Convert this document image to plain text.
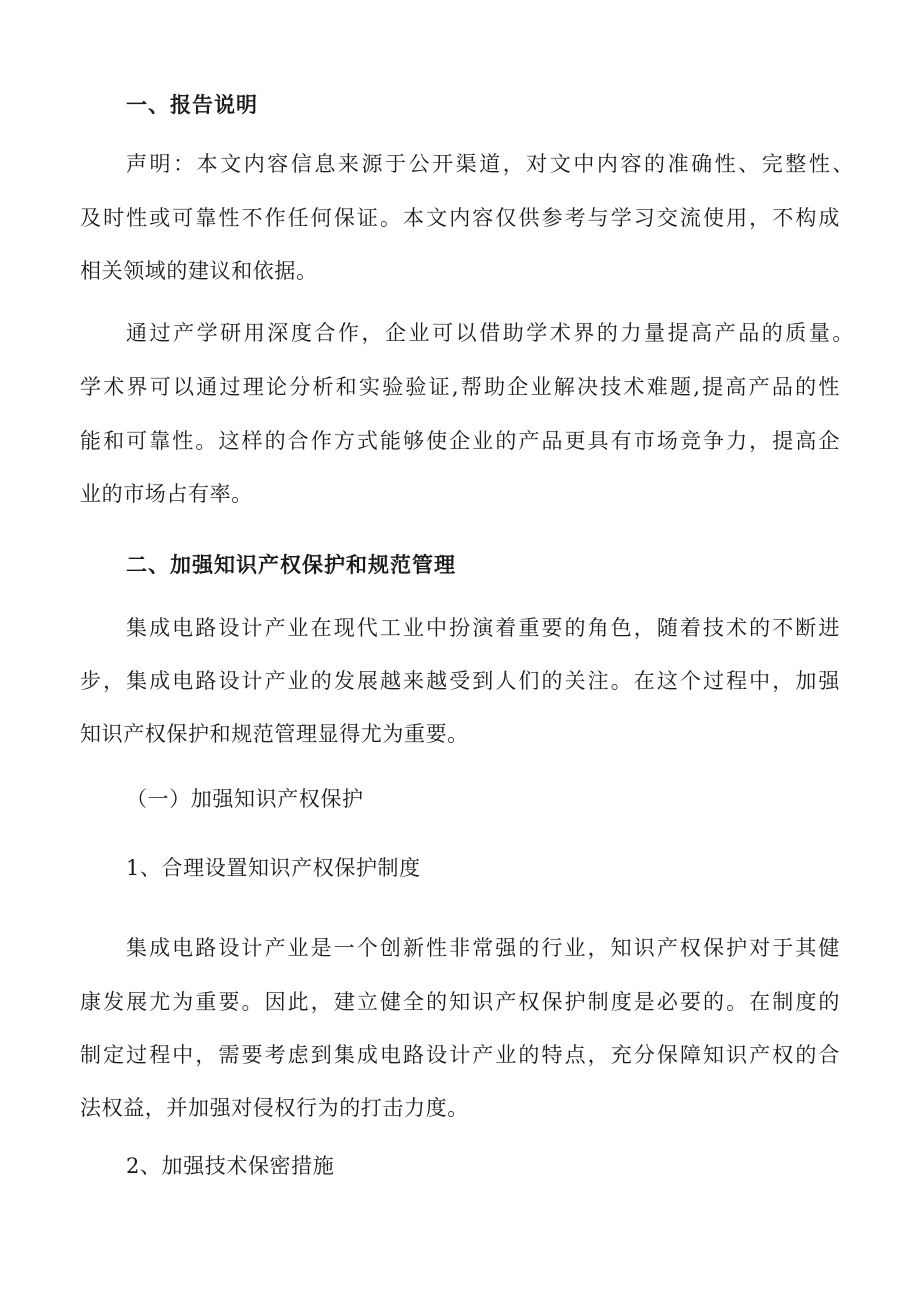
一、报告说明

声明：本文内容信息来源于公开渠道，对文中内容的准确性、完整性、

及时性或可靠性不作任何保证。本文内容仅供参考与学习交流使用，不构成

相关领域的建议和依据。

通过产学研用深度合作，企业可以借助学术界的力量提高产品的质量。

学术界可以通过理论分析和实验验证,帮助企业解决技术难题,提高产品的性

能和可靠性。这样的合作方式能够使企业的产品更具有市场竞争力，提高企

业的市场占有率。

二、加强知识产权保护和规范管理

集成电路设计产业在现代工业中扮演着重要的角色，随着技术的不断进

步，集成电路设计产业的发展越来越受到人们的关注。在这个过程中，加强

知识产权保护和规范管理显得尤为重要。

（一）加强知识产权保护
1、合理设置知识产权保护制度

集成电路设计产业是一个创新性非常强的行业，知识产权保护对于其健

康发展尤为重要。因此，建立健全的知识产权保护制度是必要的。在制度的

制定过程中，需要考虑到集成电路设计产业的特点，充分保障知识产权的合

法权益，并加强对侵权行为的打击力度。

2、加强技术保密措施
